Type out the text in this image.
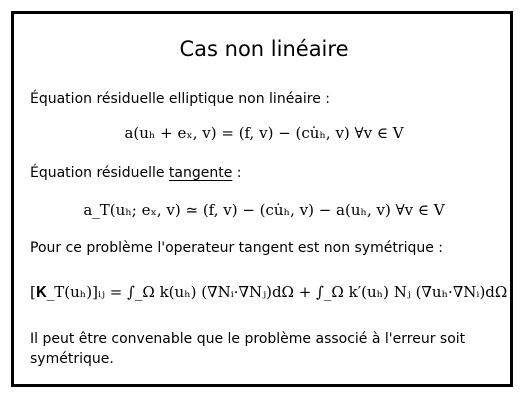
Cas non linéaire
Équation résiduelle elliptique non linéaire :
a(uₕ + eₓ, v) = (f, v) − (cu̇ₕ, v) ∀v ∈ V
Équation résiduelle tangente :
a_T(uₕ; eₓ, v) ≃ (f, v) − (cu̇ₕ, v) − a(uₕ, v) ∀v ∈ V
Pour ce problème l'operateur tangent est non symétrique :
[𝐊_T(uₕ)]ᵢⱼ = ∫_Ω k(uₕ) (∇Nᵢ·∇Nⱼ)dΩ + ∫_Ω k′(uₕ) Nⱼ (∇uₕ·∇Nᵢ)dΩ
Il peut être convenable que le problème associé à l'erreur soit
symétrique.
